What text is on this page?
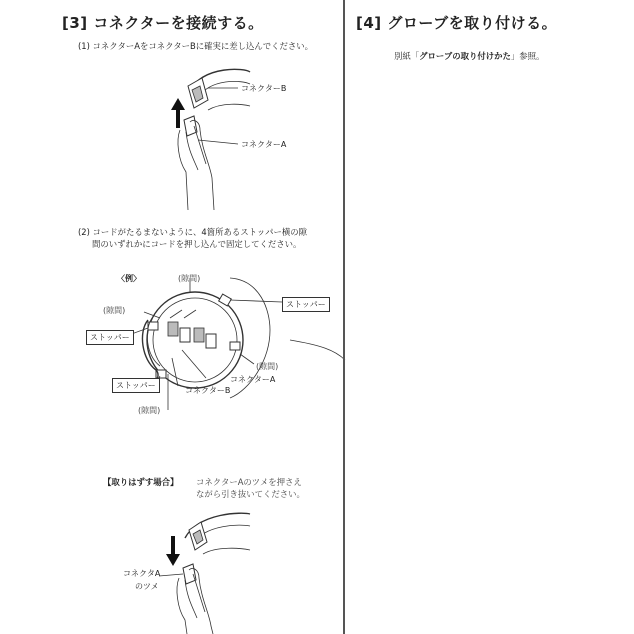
[3] コネクターを接続する。
(1) コネクターAをコネクターBに確実に差し込んでください。
コネクターB
コネクターA
(2) コードがたるまないように、4箇所あるストッパー横の隙
間のいずれかにコードを押し込んで固定してください。
〈例〉	(隙間)
ストッパー
(隙間)
ストッパー
(隙間)
コネクターA
ストッパー
コネクターB
(隙間)
【取りはずす場合】 コネクターAのツメを押さえ
ながら引き抜いてください。
コネクタA
のツメ
[4] グローブを取り付ける。
別紙「グローブの取り付けかた」参照。
